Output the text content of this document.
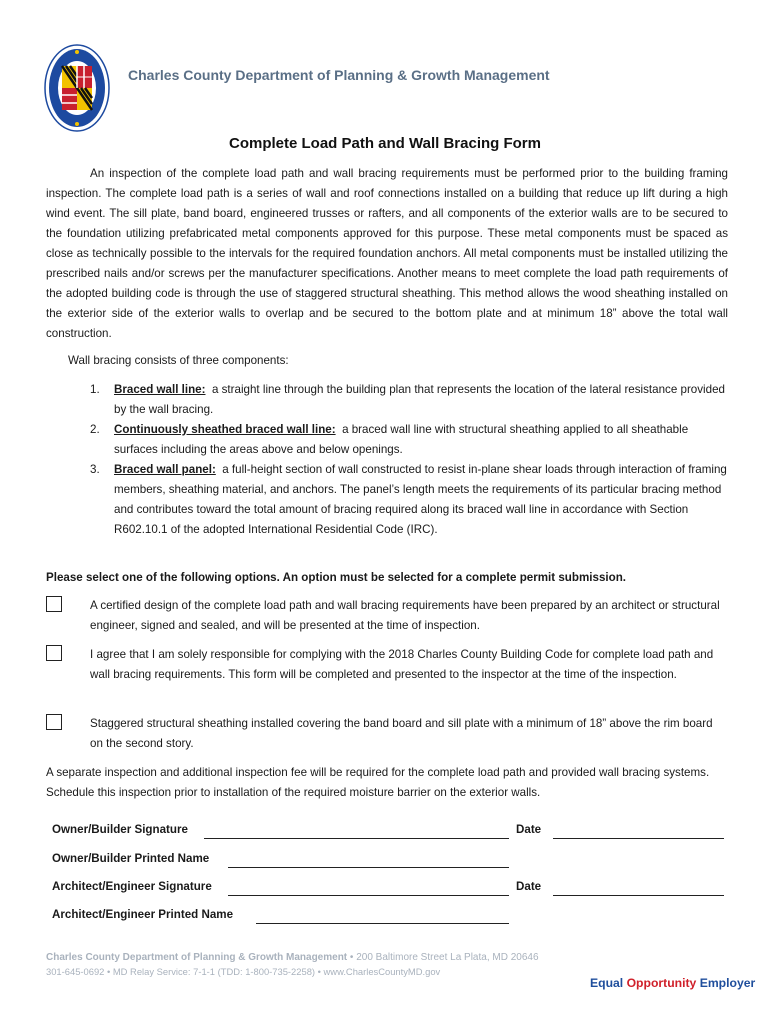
Charles County Department of Planning & Growth Management
Complete Load Path and Wall Bracing Form

An inspection of the complete load path and wall bracing requirements must be performed prior to the building framing inspection. The complete load path is a series of wall and roof connections installed on a building that reduce up lift during a high wind event. The sill plate, band board, engineered trusses or rafters, and all components of the exterior walls are to be secured to the foundation utilizing prefabricated metal components approved for this purpose. These metal components must be spaced as close as technically possible to the intervals for the required foundation anchors. All metal components must be installed utilizing the prescribed nails and/or screws per the manufacturer specifications. Another means to meet complete the load path requirements of the adopted building code is through the use of staggered structural sheathing. This method allows the wood sheathing installed on the exterior side of the exterior walls to overlap and be secured to the bottom plate and at minimum 18” above the total wall construction.

Wall bracing consists of three components:

1. Braced wall line: a straight line through the building plan that represents the location of the lateral resistance provided by the wall bracing.
2. Continuously sheathed braced wall line: a braced wall line with structural sheathing applied to all sheathable surfaces including the areas above and below openings.
3. Braced wall panel: a full-height section of wall constructed to resist in-plane shear loads through interaction of framing members, sheathing material, and anchors. The panel’s length meets the requirements of its particular bracing method and contributes toward the total amount of bracing required along its braced wall line in accordance with Section R602.10.1 of the adopted International Residential Code (IRC).
Please select one of the following options. An option must be selected for a complete permit submission.
A certified design of the complete load path and wall bracing requirements have been prepared by an architect or structural engineer, signed and sealed, and will be presented at the time of inspection.
I agree that I am solely responsible for complying with the 2018 Charles County Building Code for complete load path and wall bracing requirements. This form will be completed and presented to the inspector at the time of the inspection.
Staggered structural sheathing installed covering the band board and sill plate with a minimum of 18” above the rim board on the second story.

A separate inspection and additional inspection fee will be required for the complete load path and provided wall bracing systems. Schedule this inspection prior to installation of the required moisture barrier on the exterior walls.

Owner/Builder Signature	Date
Owner/Builder Printed Name
Architect/Engineer Signature	Date
Architect/Engineer Printed Name
Charles County Department of Planning & Growth Management • 200 Baltimore Street La Plata, MD 20646
301-645-0692 • MD Relay Service: 7-1-1 (TDD: 1-800-735-2258) • www.CharlesCountyMD.gov
Equal Opportunity Employer
